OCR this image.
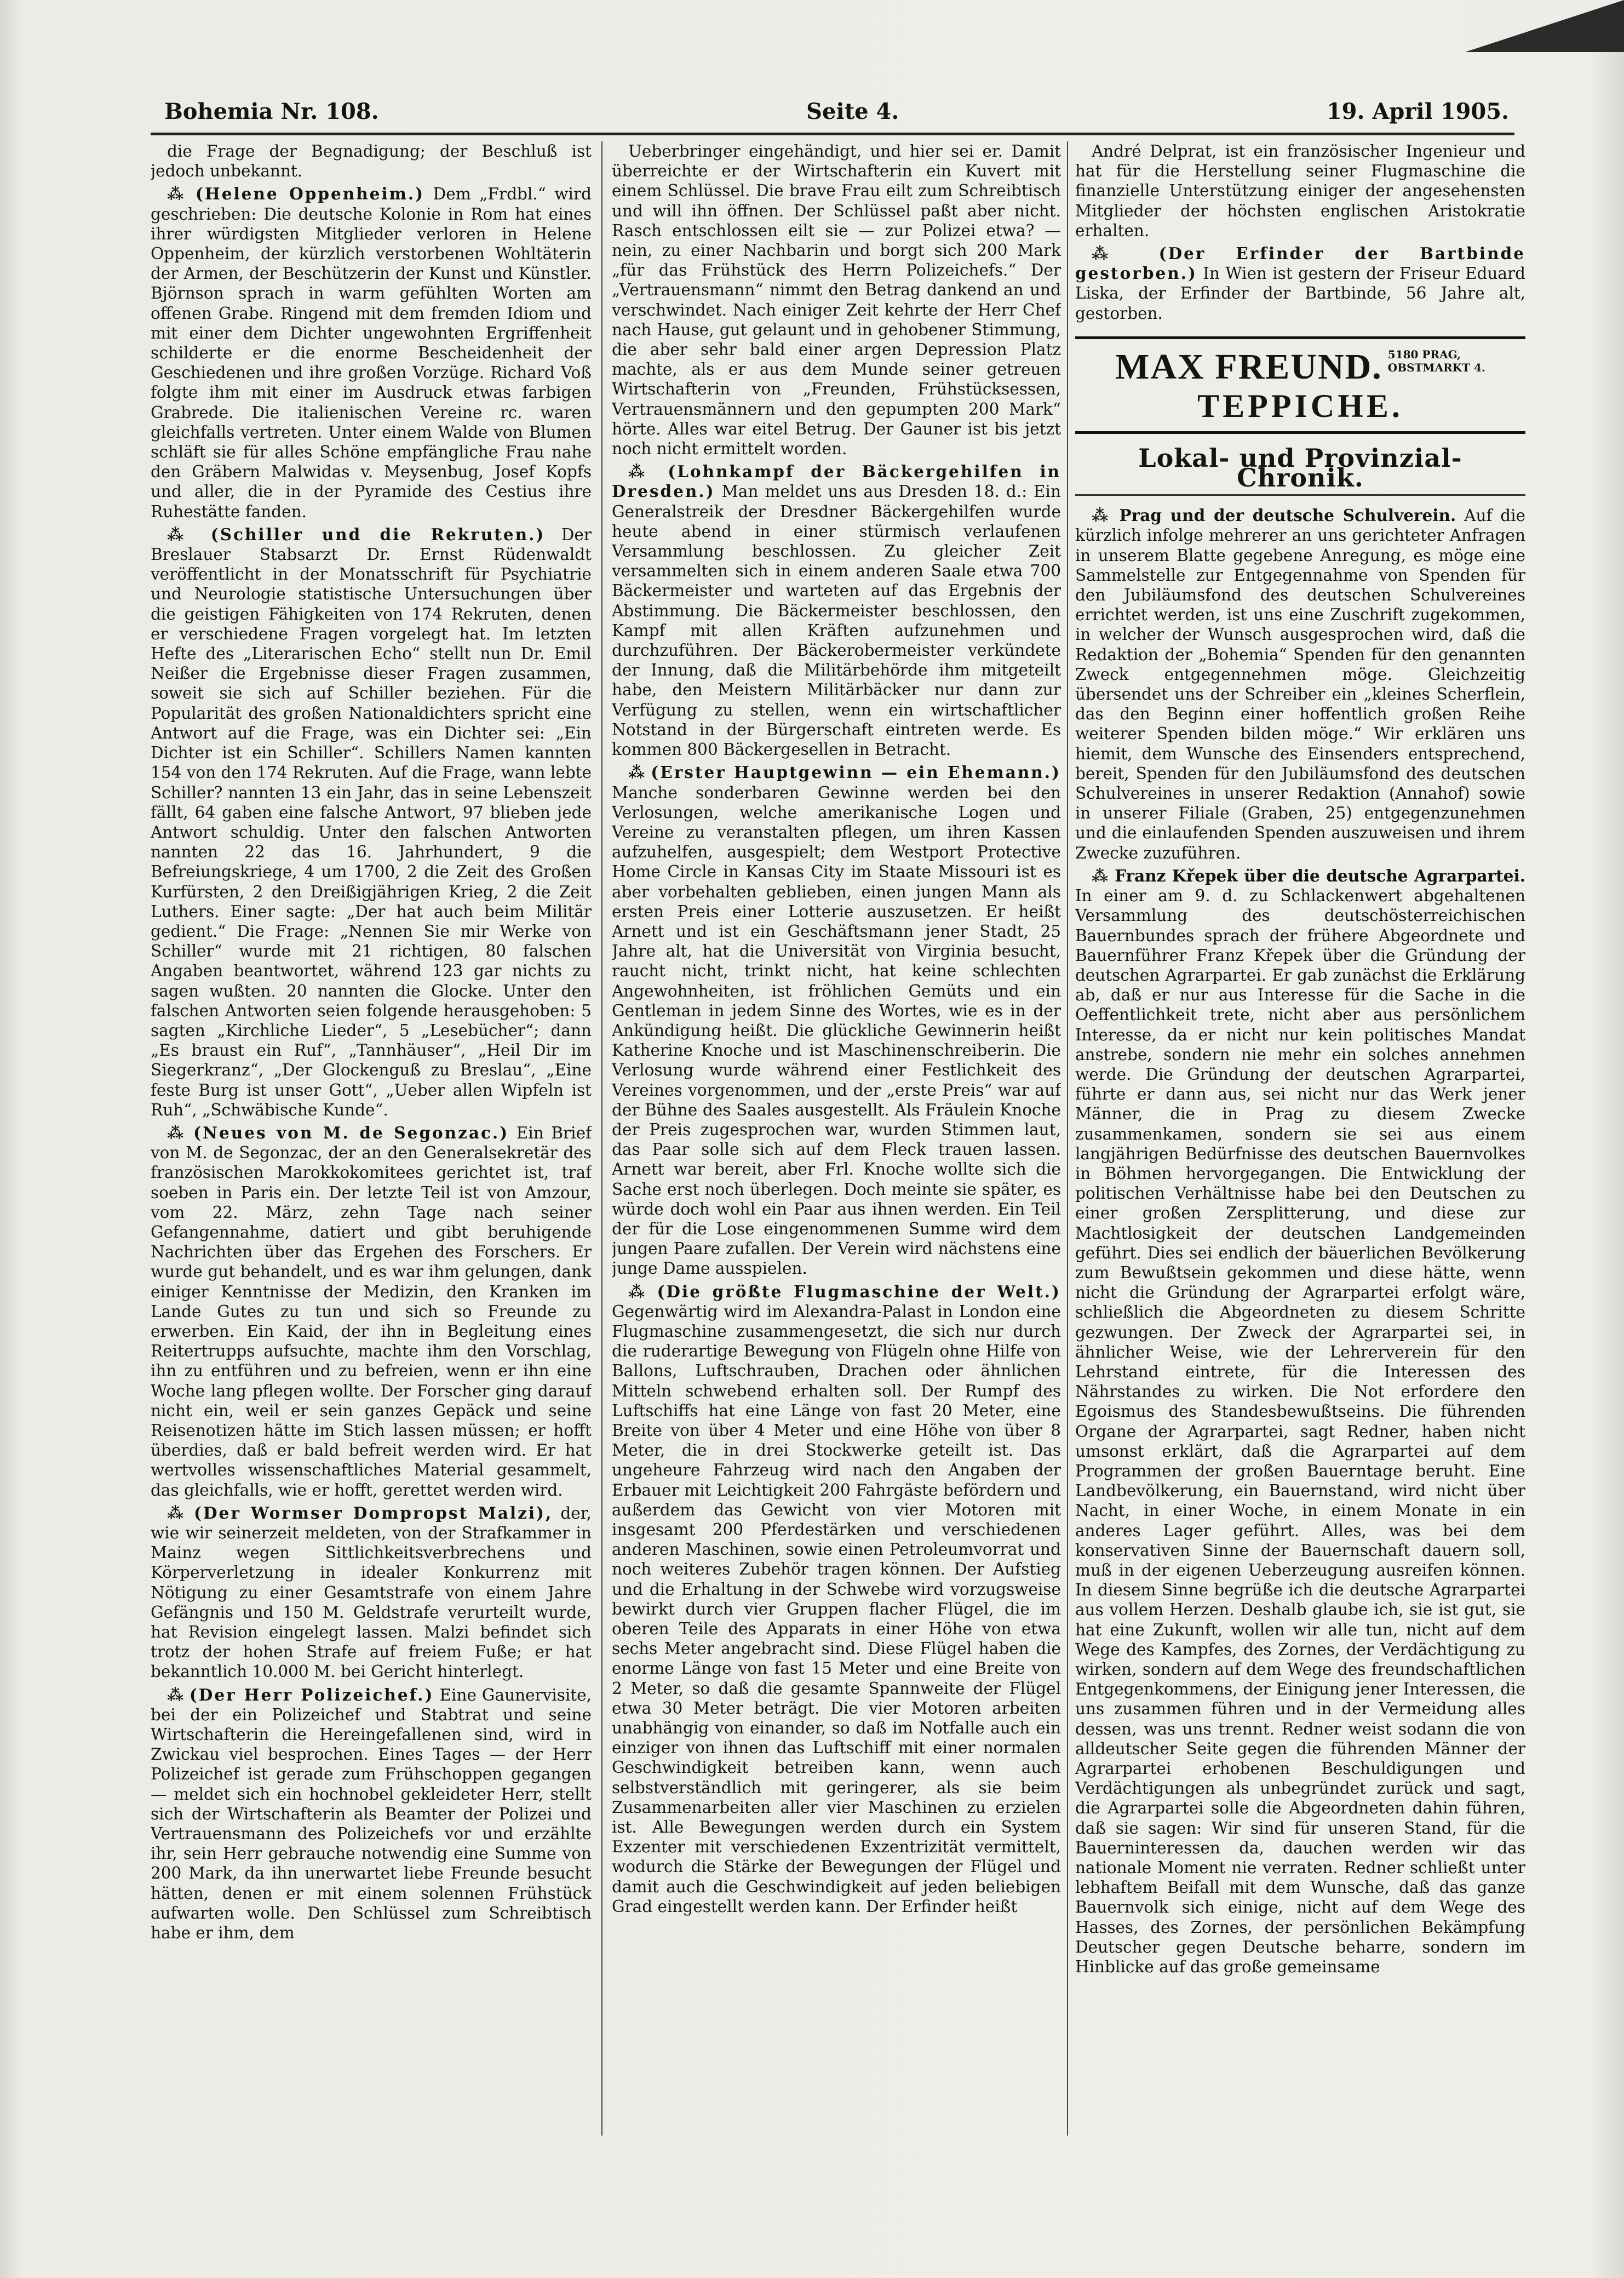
Bohemia Nr. 108.	Seite 4.	19. April 1905.

die Frage der Begnadigung; der Beschluß ist jedoch unbekannt.

⁂ (Helene Oppenheim.) Dem „Frdbl.“ wird geschrieben: Die deutsche Kolonie in Rom hat eines ihrer würdigsten Mitglieder verloren in Helene Oppenheim, der kürzlich verstorbenen Wohltäterin der Armen, der Beschützerin der Kunst und Künstler. Björnson sprach in warm gefühlten Worten am offenen Grabe. Ringend mit dem fremden Idiom und mit einer dem Dichter ungewohnten Ergriffenheit schilderte er die enorme Bescheidenheit der Geschiedenen und ihre großen Vorzüge. Richard Voß folgte ihm mit einer im Ausdruck etwas farbigen Grabrede. Die italienischen Vereine rc. waren gleichfalls vertreten. Unter einem Walde von Blumen schläft sie für alles Schöne empfängliche Frau nahe den Gräbern Malwidas v. Meysenbug, Josef Kopfs und aller, die in der Pyramide des Cestius ihre Ruhestätte fanden.

⁂ (Schiller und die Rekruten.) Der Breslauer Stabsarzt Dr. Ernst Rüdenwaldt veröffentlicht in der Monatsschrift für Psychiatrie und Neurologie statistische Untersuchungen über die geistigen Fähigkeiten von 174 Rekruten, denen er verschiedene Fragen vorgelegt hat. Im letzten Hefte des „Literarischen Echo“ stellt nun Dr. Emil Neißer die Ergebnisse dieser Fragen zusammen, soweit sie sich auf Schiller beziehen. Für die Popularität des großen Nationaldichters spricht eine Antwort auf die Frage, was ein Dichter sei: „Ein Dichter ist ein Schiller“. Schillers Namen kannten 154 von den 174 Rekruten. Auf die Frage, wann lebte Schiller? nannten 13 ein Jahr, das in seine Lebenszeit fällt, 64 gaben eine falsche Antwort, 97 blieben jede Antwort schuldig. Unter den falschen Antworten nannten 22 das 16. Jahrhundert, 9 die Befreiungskriege, 4 um 1700, 2 die Zeit des Großen Kurfürsten, 2 den Dreißigjährigen Krieg, 2 die Zeit Luthers. Einer sagte: „Der hat auch beim Militär gedient.“ Die Frage: „Nennen Sie mir Werke von Schiller“ wurde mit 21 richtigen, 80 falschen Angaben beantwortet, während 123 gar nichts zu sagen wußten. 20 nannten die Glocke. Unter den falschen Antworten seien folgende herausgehoben: 5 sagten „Kirchliche Lieder“, 5 „Lesebücher“; dann „Es braust ein Ruf“, „Tannhäuser“, „Heil Dir im Siegerkranz“, „Der Glockenguß zu Breslau“, „Eine feste Burg ist unser Gott“, „Ueber allen Wipfeln ist Ruh“, „Schwäbische Kunde“.

⁂ (Neues von M. de Segonzac.) Ein Brief von M. de Segonzac, der an den Generalsekretär des französischen Marokkokomitees gerichtet ist, traf soeben in Paris ein. Der letzte Teil ist von Amzour, vom 22. März, zehn Tage nach seiner Gefangennahme, datiert und gibt beruhigende Nachrichten über das Ergehen des Forschers. Er wurde gut behandelt, und es war ihm gelungen, dank einiger Kenntnisse der Medizin, den Kranken im Lande Gutes zu tun und sich so Freunde zu erwerben. Ein Kaid, der ihn in Begleitung eines Reitertrupps aufsuchte, machte ihm den Vorschlag, ihn zu entführen und zu befreien, wenn er ihn eine Woche lang pflegen wollte. Der Forscher ging darauf nicht ein, weil er sein ganzes Gepäck und seine Reisenotizen hätte im Stich lassen müssen; er hofft überdies, daß er bald befreit werden wird. Er hat wertvolles wissenschaftliches Material gesammelt, das gleichfalls, wie er hofft, gerettet werden wird.

⁂ (Der Wormser Dompropst Malzi), der, wie wir seinerzeit meldeten, von der Strafkammer in Mainz wegen Sittlichkeitsverbrechens und Körperverletzung in idealer Konkurrenz mit Nötigung zu einer Gesamtstrafe von einem Jahre Gefängnis und 150 M. Geldstrafe verurteilt wurde, hat Revision eingelegt lassen. Malzi befindet sich trotz der hohen Strafe auf freiem Fuße; er hat bekanntlich 10.000 M. bei Gericht hinterlegt.

⁂ (Der Herr Polizeichef.) Eine Gaunervisite, bei der ein Polizeichef und Stabtrat und seine Wirtschafterin die Hereingefallenen sind, wird in Zwickau viel besprochen. Eines Tages — der Herr Polizeichef ist gerade zum Frühschoppen gegangen — meldet sich ein hochnobel gekleideter Herr, stellt sich der Wirtschafterin als Beamter der Polizei und Vertrauensmann des Polizeichefs vor und erzählte ihr, sein Herr gebrauche notwendig eine Summe von 200 Mark, da ihn unerwartet liebe Freunde besucht hätten, denen er mit einem solennen Frühstück aufwarten wolle. Den Schlüssel zum Schreibtisch habe er ihm, dem

Ueberbringer eingehändigt, und hier sei er. Damit überreichte er der Wirtschafterin ein Kuvert mit einem Schlüssel. Die brave Frau eilt zum Schreibtisch und will ihn öffnen. Der Schlüssel paßt aber nicht. Rasch entschlossen eilt sie — zur Polizei etwa? — nein, zu einer Nachbarin und borgt sich 200 Mark „für das Frühstück des Herrn Polizeichefs.“ Der „Vertrauensmann“ nimmt den Betrag dankend an und verschwindet. Nach einiger Zeit kehrte der Herr Chef nach Hause, gut gelaunt und in gehobener Stimmung, die aber sehr bald einer argen Depression Platz machte, als er aus dem Munde seiner getreuen Wirtschafterin von „Freunden, Frühstücksessen, Vertrauensmännern und den gepumpten 200 Mark“ hörte. Alles war eitel Betrug. Der Gauner ist bis jetzt noch nicht ermittelt worden.

⁂ (Lohnkampf der Bäckergehilfen in Dresden.) Man meldet uns aus Dresden 18. d.: Ein Generalstreik der Dresdner Bäckergehilfen wurde heute abend in einer stürmisch verlaufenen Versammlung beschlossen. Zu gleicher Zeit versammelten sich in einem anderen Saale etwa 700 Bäckermeister und warteten auf das Ergebnis der Abstimmung. Die Bäckermeister beschlossen, den Kampf mit allen Kräften aufzunehmen und durchzuführen. Der Bäckerobermeister verkündete der Innung, daß die Militärbehörde ihm mitgeteilt habe, den Meistern Militärbäcker nur dann zur Verfügung zu stellen, wenn ein wirtschaftlicher Notstand in der Bürgerschaft eintreten werde. Es kommen 800 Bäckergesellen in Betracht.

⁂ (Erster Hauptgewinn — ein Ehemann.) Manche sonderbaren Gewinne werden bei den Verlosungen, welche amerikanische Logen und Vereine zu veranstalten pflegen, um ihren Kassen aufzuhelfen, ausgespielt; dem Westport Protective Home Circle in Kansas City im Staate Missouri ist es aber vorbehalten geblieben, einen jungen Mann als ersten Preis einer Lotterie auszusetzen. Er heißt Arnett und ist ein Geschäftsmann jener Stadt, 25 Jahre alt, hat die Universität von Virginia besucht, raucht nicht, trinkt nicht, hat keine schlechten Angewohnheiten, ist fröhlichen Gemüts und ein Gentleman in jedem Sinne des Wortes, wie es in der Ankündigung heißt. Die glückliche Gewinnerin heißt Katherine Knoche und ist Maschinenschreiberin. Die Verlosung wurde während einer Festlichkeit des Vereines vorgenommen, und der „erste Preis“ war auf der Bühne des Saales ausgestellt. Als Fräulein Knoche der Preis zugesprochen war, wurden Stimmen laut, das Paar solle sich auf dem Fleck trauen lassen. Arnett war bereit, aber Frl. Knoche wollte sich die Sache erst noch überlegen. Doch meinte sie später, es würde doch wohl ein Paar aus ihnen werden. Ein Teil der für die Lose eingenommenen Summe wird dem jungen Paare zufallen. Der Verein wird nächstens eine junge Dame ausspielen.

⁂ (Die größte Flugmaschine der Welt.) Gegenwärtig wird im Alexandra-Palast in London eine Flugmaschine zusammengesetzt, die sich nur durch die ruderartige Bewegung von Flügeln ohne Hilfe von Ballons, Luftschrauben, Drachen oder ähnlichen Mitteln schwebend erhalten soll. Der Rumpf des Luftschiffs hat eine Länge von fast 20 Meter, eine Breite von über 4 Meter und eine Höhe von über 8 Meter, die in drei Stockwerke geteilt ist. Das ungeheure Fahrzeug wird nach den Angaben der Erbauer mit Leichtigkeit 200 Fahrgäste befördern und außerdem das Gewicht von vier Motoren mit insgesamt 200 Pferdestärken und verschiedenen anderen Maschinen, sowie einen Petroleumvorrat und noch weiteres Zubehör tragen können. Der Aufstieg und die Erhaltung in der Schwebe wird vorzugsweise bewirkt durch vier Gruppen flacher Flügel, die im oberen Teile des Apparats in einer Höhe von etwa sechs Meter angebracht sind. Diese Flügel haben die enorme Länge von fast 15 Meter und eine Breite von 2 Meter, so daß die gesamte Spannweite der Flügel etwa 30 Meter beträgt. Die vier Motoren arbeiten unabhängig von einander, so daß im Notfalle auch ein einziger von ihnen das Luftschiff mit einer normalen Geschwindigkeit betreiben kann, wenn auch selbstverständlich mit geringerer, als sie beim Zusammenarbeiten aller vier Maschinen zu erzielen ist. Alle Bewegungen werden durch ein System Exzenter mit verschiedenen Exzentrizität vermittelt, wodurch die Stärke der Bewegungen der Flügel und damit auch die Geschwindigkeit auf jeden beliebigen Grad eingestellt werden kann. Der Erfinder heißt

André Delprat, ist ein französischer Ingenieur und hat für die Herstellung seiner Flugmaschine die finanzielle Unterstützung einiger der angesehensten Mitglieder der höchsten englischen Aristokratie erhalten.

⁂ (Der Erfinder der Bartbinde gestorben.) In Wien ist gestern der Friseur Eduard Liska, der Erfinder der Bartbinde, 56 Jahre alt, gestorben.

MAX FREUND. 5180 PRAG,
OBSTMARKT 4.
TEPPICHE.
Lokal- und Provinzial-Chronik.

⁂ Prag und der deutsche Schulverein. Auf die kürzlich infolge mehrerer an uns gerichteter Anfragen in unserem Blatte gegebene Anregung, es möge eine Sammelstelle zur Entgegennahme von Spenden für den Jubiläumsfond des deutschen Schulvereines errichtet werden, ist uns eine Zuschrift zugekommen, in welcher der Wunsch ausgesprochen wird, daß die Redaktion der „Bohemia“ Spenden für den genannten Zweck entgegennehmen möge. Gleichzeitig übersendet uns der Schreiber ein „kleines Scherflein, das den Beginn einer hoffentlich großen Reihe weiterer Spenden bilden möge.“ Wir erklären uns hiemit, dem Wunsche des Einsenders entsprechend, bereit, Spenden für den Jubiläumsfond des deutschen Schulvereines in unserer Redaktion (Annahof) sowie in unserer Filiale (Graben, 25) entgegenzunehmen und die einlaufenden Spenden auszuweisen und ihrem Zwecke zuzuführen.

⁂ Franz Křepek über die deutsche Agrarpartei. In einer am 9. d. zu Schlackenwert abgehaltenen Versammlung des deutschösterreichischen Bauernbundes sprach der frühere Abgeordnete und Bauernführer Franz Křepek über die Gründung der deutschen Agrarpartei. Er gab zunächst die Erklärung ab, daß er nur aus Interesse für die Sache in die Oeffentlichkeit trete, nicht aber aus persönlichem Interesse, da er nicht nur kein politisches Mandat anstrebe, sondern nie mehr ein solches annehmen werde. Die Gründung der deutschen Agrarpartei, führte er dann aus, sei nicht nur das Werk jener Männer, die in Prag zu diesem Zwecke zusammenkamen, sondern sie sei aus einem langjährigen Bedürfnisse des deutschen Bauernvolkes in Böhmen hervorgegangen. Die Entwicklung der politischen Verhältnisse habe bei den Deutschen zu einer großen Zersplitterung, und diese zur Machtlosigkeit der deutschen Landgemeinden geführt. Dies sei endlich der bäuerlichen Bevölkerung zum Bewußtsein gekommen und diese hätte, wenn nicht die Gründung der Agrarpartei erfolgt wäre, schließlich die Abgeordneten zu diesem Schritte gezwungen. Der Zweck der Agrarpartei sei, in ähnlicher Weise, wie der Lehrerverein für den Lehrstand eintrete, für die Interessen des Nährstandes zu wirken. Die Not erfordere den Egoismus des Standesbewußtseins. Die führenden Organe der Agrarpartei, sagt Redner, haben nicht umsonst erklärt, daß die Agrarpartei auf dem Programmen der großen Bauerntage beruht. Eine Landbevölkerung, ein Bauernstand, wird nicht über Nacht, in einer Woche, in einem Monate in ein anderes Lager geführt. Alles, was bei dem konservativen Sinne der Bauernschaft dauern soll, muß in der eigenen Ueberzeugung ausreifen können. In diesem Sinne begrüße ich die deutsche Agrarpartei aus vollem Herzen. Deshalb glaube ich, sie ist gut, sie hat eine Zukunft, wollen wir alle tun, nicht auf dem Wege des Kampfes, des Zornes, der Verdächtigung zu wirken, sondern auf dem Wege des freundschaftlichen Entgegenkommens, der Einigung jener Interessen, die uns zusammen führen und in der Vermeidung alles dessen, was uns trennt. Redner weist sodann die von alldeutscher Seite gegen die führenden Männer der Agrarpartei erhobenen Beschuldigungen und Verdächtigungen als unbegründet zurück und sagt, die Agrarpartei solle die Abgeordneten dahin führen, daß sie sagen: Wir sind für unseren Stand, für die Bauerninteressen da, dauchen werden wir das nationale Moment nie verraten. Redner schließt unter lebhaftem Beifall mit dem Wunsche, daß das ganze Bauernvolk sich einige, nicht auf dem Wege des Hasses, des Zornes, der persönlichen Bekämpfung Deutscher gegen Deutsche beharre, sondern im Hinblicke auf das große gemeinsame
